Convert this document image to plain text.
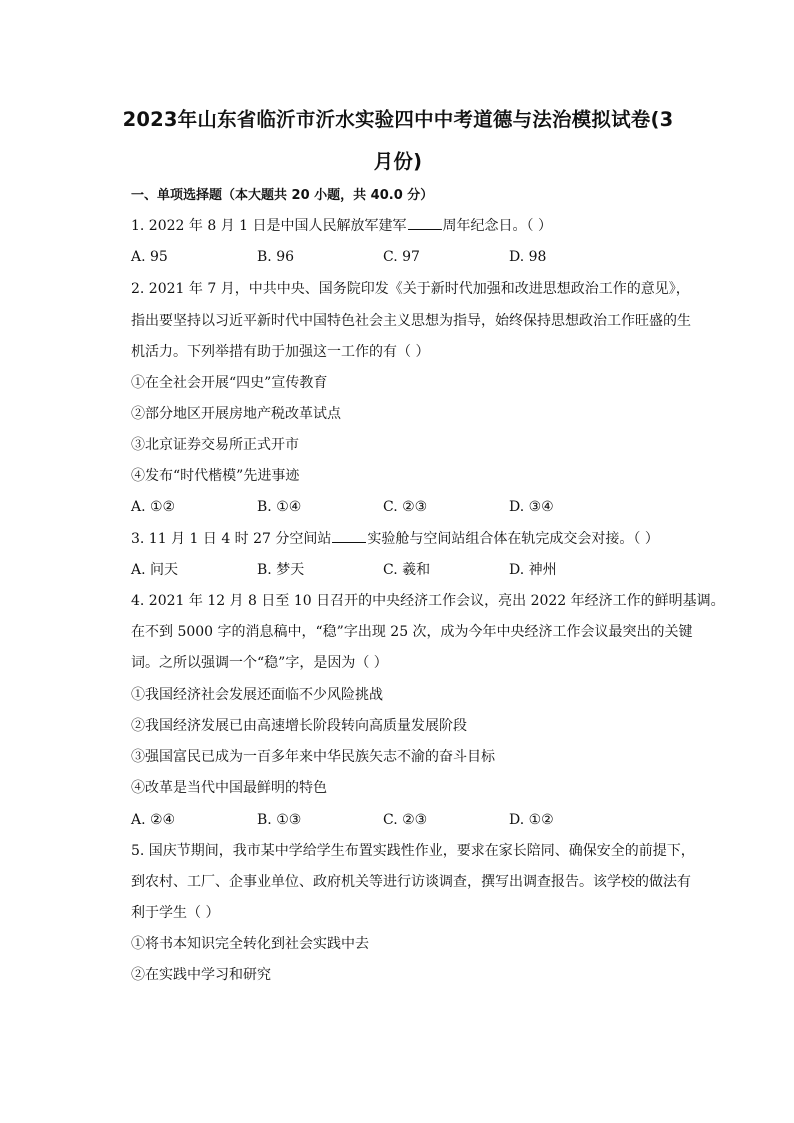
2023年山东省临沂市沂水实验四中中考道德与法治模拟试卷(3
月份)
一、单项选择题（本大题共 20 小题，共 40.0 分）
1. 2022 年 8 月 1 日是中国人民解放军建军	周年纪念日。（ ）
A. 95	B. 96	C. 97	D. 98
2. 2021 年 7 月，中共中央、国务院印发《关于新时代加强和改进思想政治工作的意见》，
指出要坚持以习近平新时代中国特色社会主义思想为指导，始终保持思想政治工作旺盛的生
机活力。下列举措有助于加强这一工作的有（ ）
①在全社会开展“四史”宣传教育
②部分地区开展房地产税改革试点
③北京证券交易所正式开市
④发布“时代楷模”先进事迹
A. ①②	B. ①④	C. ②③	D. ③④
3. 11 月 1 日 4 时 27 分空间站	实验舱与空间站组合体在轨完成交会对接。（ ）
A. 问天	B. 梦天	C. 羲和	D. 神州
4. 2021 年 12 月 8 日至 10 日召开的中央经济工作会议，亮出 2022 年经济工作的鲜明基调。
在不到 5000 字的消息稿中，“稳”字出现 25 次，成为今年中央经济工作会议最突出的关键
词。之所以强调一个“稳”字，是因为（ ）
①我国经济社会发展还面临不少风险挑战
②我国经济发展已由高速增长阶段转向高质量发展阶段
③强国富民已成为一百多年来中华民族矢志不渝的奋斗目标
④改革是当代中国最鲜明的特色
A. ②④	B. ①③	C. ②③	D. ①②
5. 国庆节期间，我市某中学给学生布置实践性作业，要求在家长陪同、确保安全的前提下，
到农村、工厂、企事业单位、政府机关等进行访谈调查，撰写出调查报告。该学校的做法有
利于学生（ ）
①将书本知识完全转化到社会实践中去
②在实践中学习和研究
